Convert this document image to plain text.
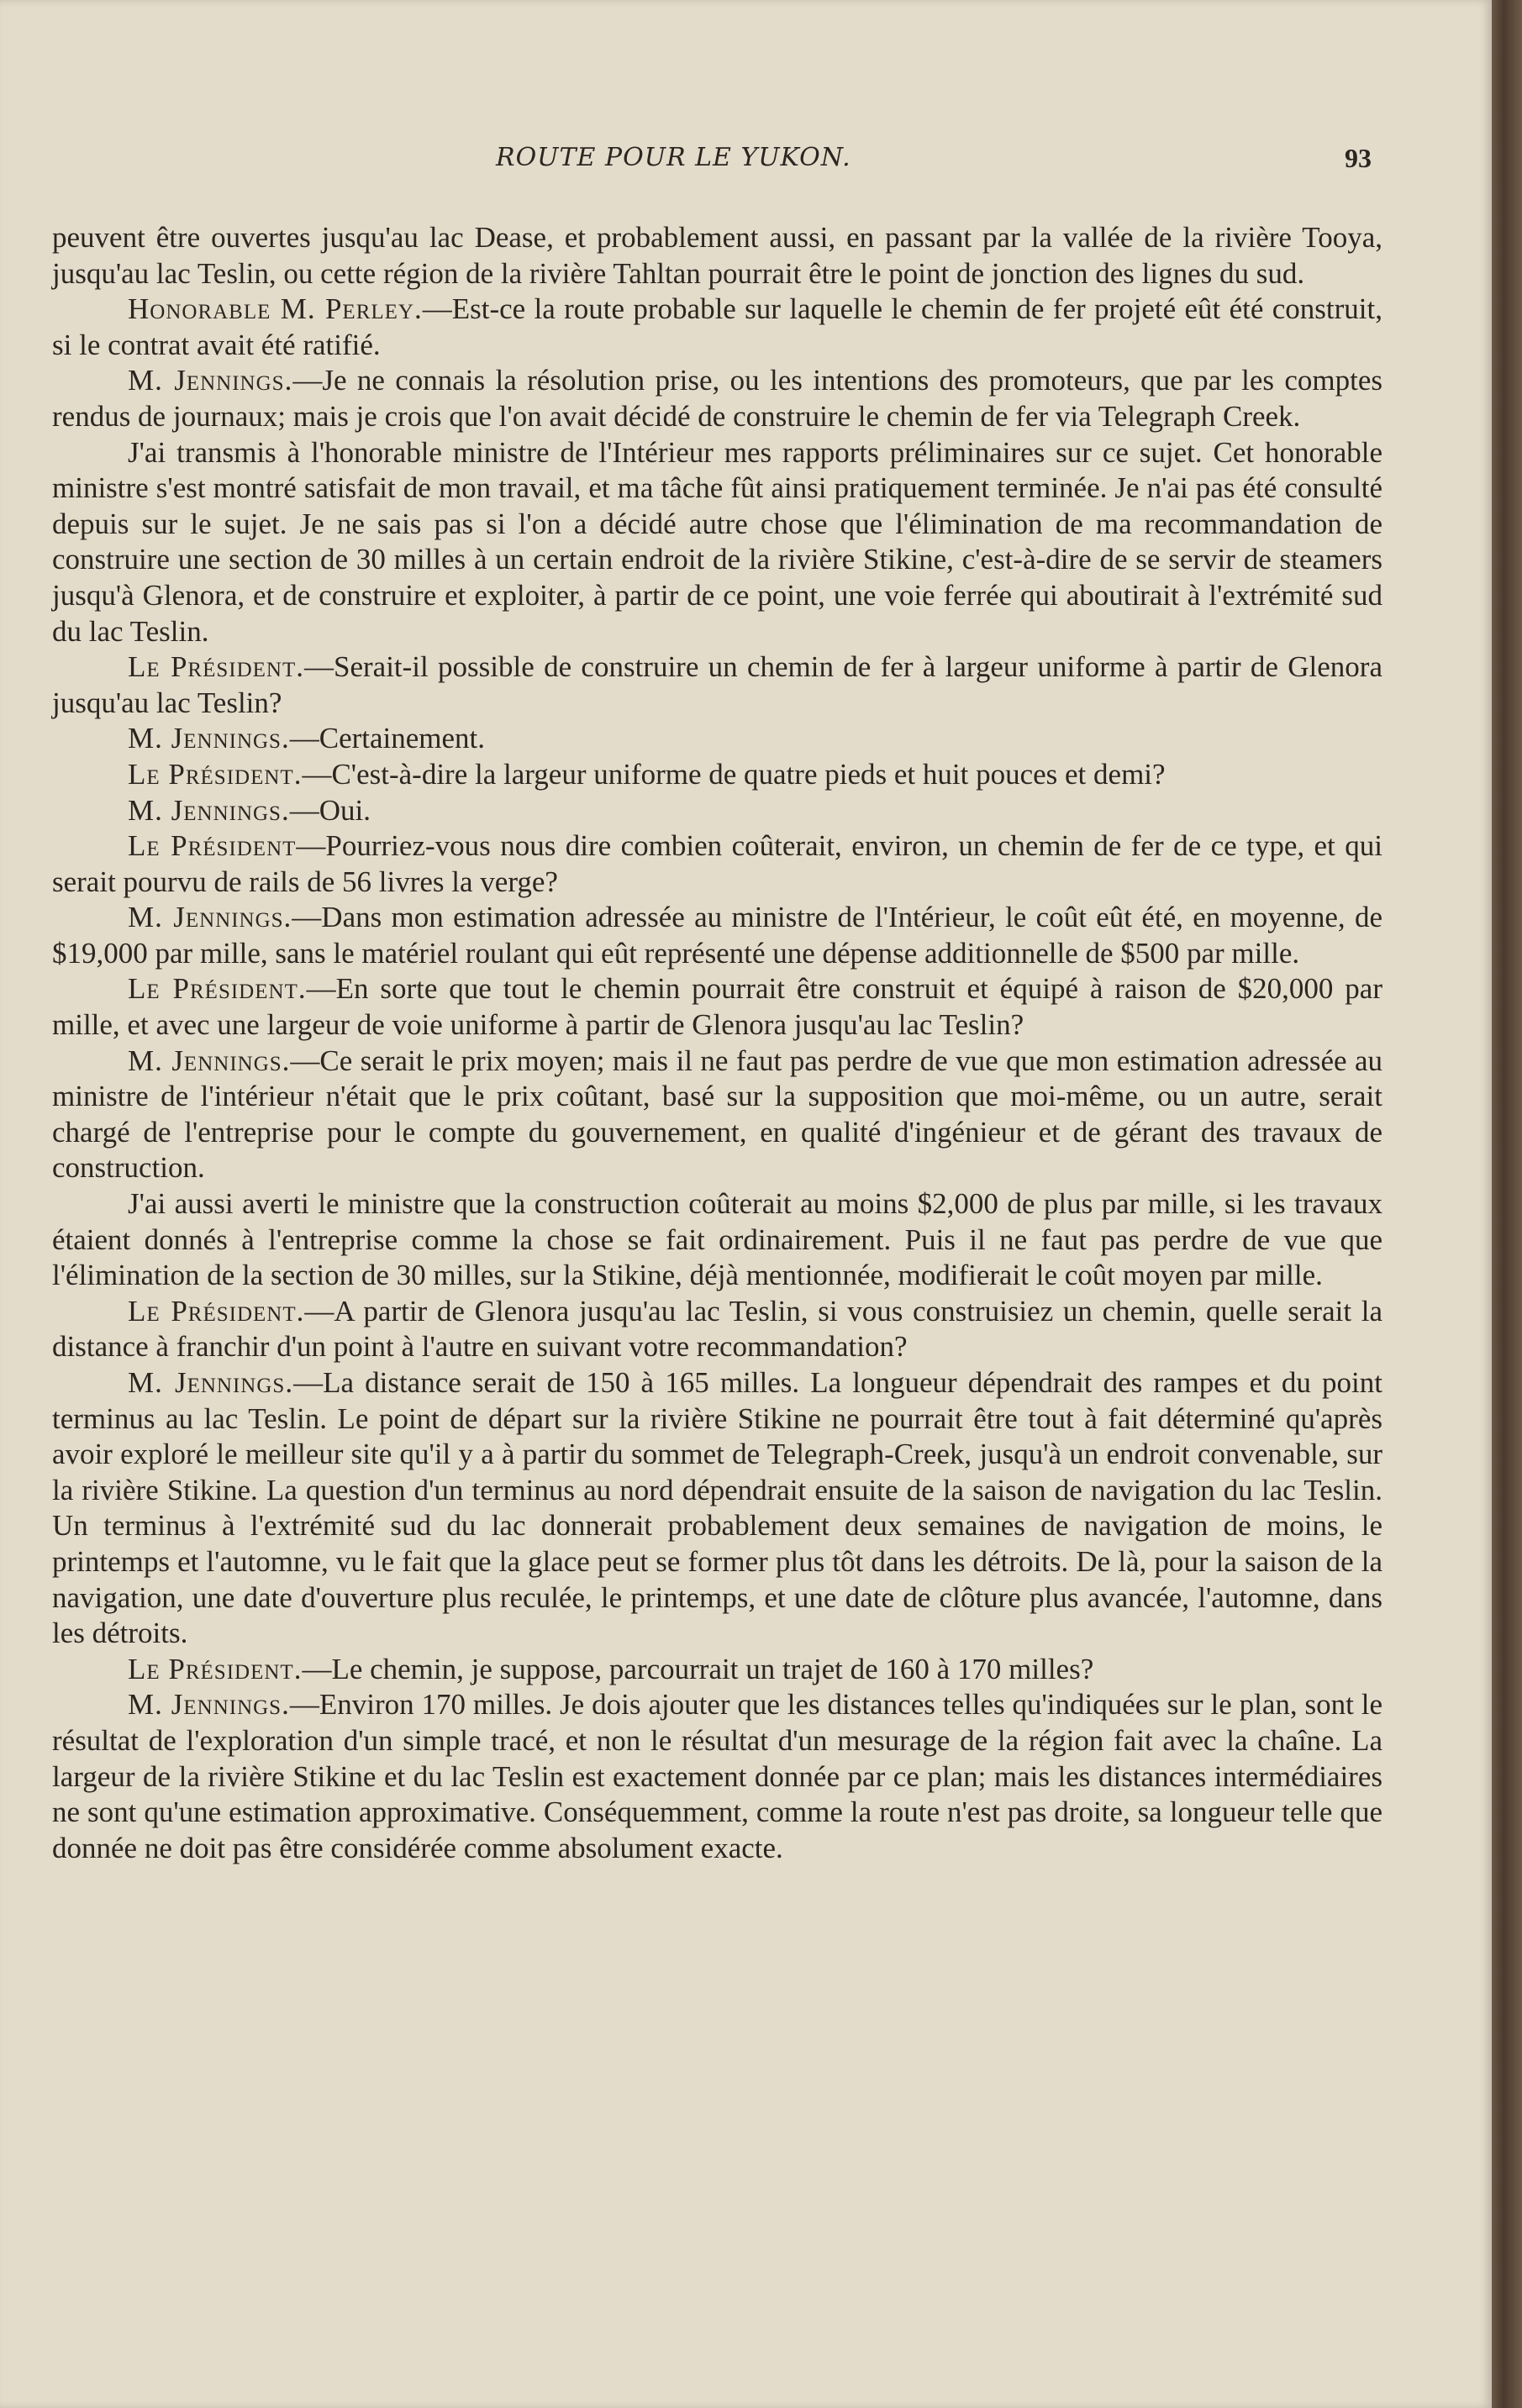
ROUTE POUR LE YUKON.	93

peuvent être ouvertes jusqu'au lac Dease, et probablement aussi, en passant par la vallée de la rivière Tooya, jusqu'au lac Teslin, ou cette région de la rivière Tahltan pourrait être le point de jonction des lignes du sud.

Honorable M. Perley.—Est-ce la route probable sur laquelle le chemin de fer projeté eût été construit, si le contrat avait été ratifié.

M. Jennings.—Je ne connais la résolution prise, ou les intentions des promoteurs, que par les comptes rendus de journaux; mais je crois que l'on avait décidé de construire le chemin de fer via Telegraph Creek.

J'ai transmis à l'honorable ministre de l'Intérieur mes rapports préliminaires sur ce sujet. Cet honorable ministre s'est montré satisfait de mon travail, et ma tâche fût ainsi pratiquement terminée. Je n'ai pas été consulté depuis sur le sujet. Je ne sais pas si l'on a décidé autre chose que l'élimination de ma recommandation de construire une section de 30 milles à un certain endroit de la rivière Stikine, c'est-à-dire de se servir de steamers jusqu'à Glenora, et de construire et exploiter, à partir de ce point, une voie ferrée qui aboutirait à l'extrémité sud du lac Teslin.

Le Président.—Serait-il possible de construire un chemin de fer à largeur uniforme à partir de Glenora jusqu'au lac Teslin?

M. Jennings.—Certainement.

Le Président.—C'est-à-dire la largeur uniforme de quatre pieds et huit pouces et demi?

M. Jennings.—Oui.

Le Président—Pourriez-vous nous dire combien coûterait, environ, un chemin de fer de ce type, et qui serait pourvu de rails de 56 livres la verge?

M. Jennings.—Dans mon estimation adressée au ministre de l'Intérieur, le coût eût été, en moyenne, de $19,000 par mille, sans le matériel roulant qui eût représenté une dépense additionnelle de $500 par mille.

Le Président.—En sorte que tout le chemin pourrait être construit et équipé à raison de $20,000 par mille, et avec une largeur de voie uniforme à partir de Glenora jusqu'au lac Teslin?

M. Jennings.—Ce serait le prix moyen; mais il ne faut pas perdre de vue que mon estimation adressée au ministre de l'intérieur n'était que le prix coûtant, basé sur la supposition que moi-même, ou un autre, serait chargé de l'entreprise pour le compte du gouvernement, en qualité d'ingénieur et de gérant des travaux de construction.

J'ai aussi averti le ministre que la construction coûterait au moins $2,000 de plus par mille, si les travaux étaient donnés à l'entreprise comme la chose se fait ordinairement. Puis il ne faut pas perdre de vue que l'élimination de la section de 30 milles, sur la Stikine, déjà mentionnée, modifierait le coût moyen par mille.

Le Président.—A partir de Glenora jusqu'au lac Teslin, si vous construisiez un chemin, quelle serait la distance à franchir d'un point à l'autre en suivant votre recommandation?

M. Jennings.—La distance serait de 150 à 165 milles. La longueur dépendrait des rampes et du point terminus au lac Teslin. Le point de départ sur la rivière Stikine ne pourrait être tout à fait déterminé qu'après avoir exploré le meilleur site qu'il y a à partir du sommet de Telegraph-Creek, jusqu'à un endroit convenable, sur la rivière Stikine. La question d'un terminus au nord dépendrait ensuite de la saison de navigation du lac Teslin. Un terminus à l'extrémité sud du lac donnerait probablement deux semaines de navigation de moins, le printemps et l'automne, vu le fait que la glace peut se former plus tôt dans les détroits. De là, pour la saison de la navigation, une date d'ouverture plus reculée, le printemps, et une date de clôture plus avancée, l'automne, dans les détroits.

Le Président.—Le chemin, je suppose, parcourrait un trajet de 160 à 170 milles?

M. Jennings.—Environ 170 milles. Je dois ajouter que les distances telles qu'indiquées sur le plan, sont le résultat de l'exploration d'un simple tracé, et non le résultat d'un mesurage de la région fait avec la chaîne. La largeur de la rivière Stikine et du lac Teslin est exactement donnée par ce plan; mais les distances intermédiaires ne sont qu'une estimation approximative. Conséquemment, comme la route n'est pas droite, sa longueur telle que donnée ne doit pas être considérée comme absolument exacte.
